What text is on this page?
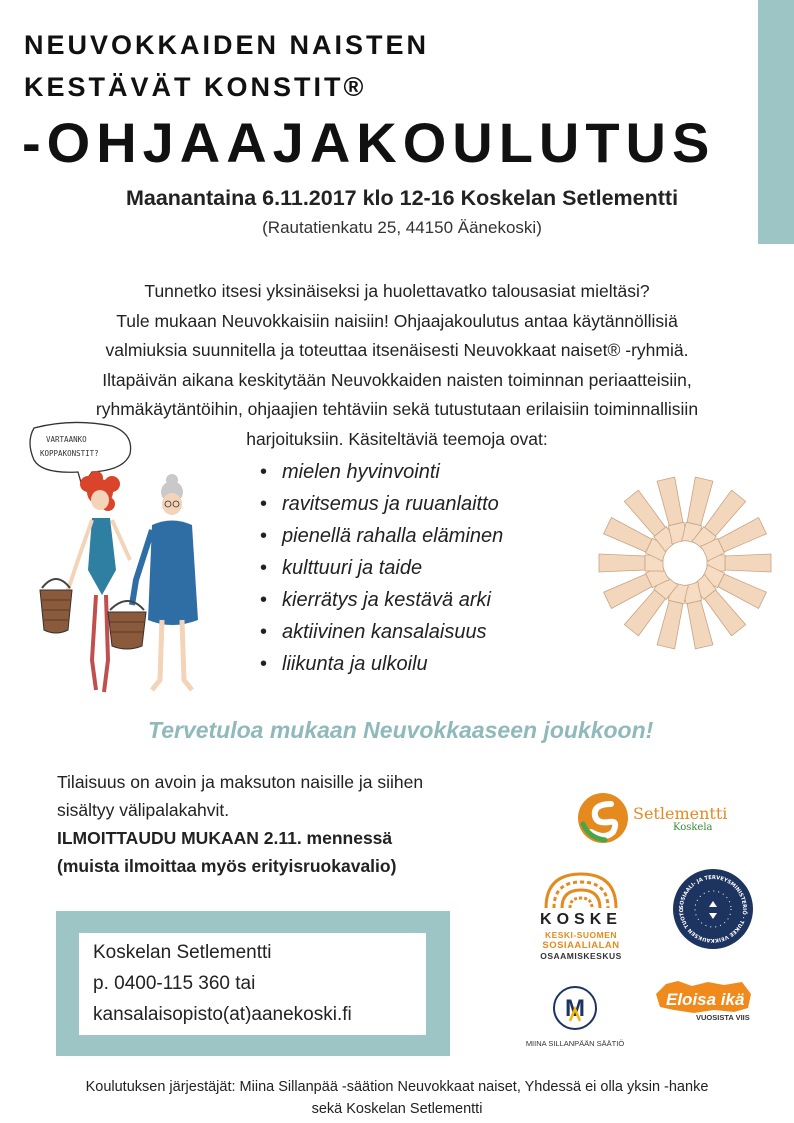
NEUVOKKAIDEN NAISTEN
KESTÄVÄT KONSTIT®
-OHJAAJAKOULUTUS
Maanantaina 6.11.2017 klo 12-16 Koskelan Setlementti
(Rautatienkatu 25, 44150 Äänekoski)

Tunnetko itsesi yksinäiseksi ja huolettavatko talousasiat mieltäsi?

Tule mukaan Neuvokkaisiin naisiin! Ohjaajakoulutus antaa käytännöllisiä

valmiuksia suunnitella ja toteuttaa itsenäisesti Neuvokkaat naiset® -ryhmiä.

Iltapäivän aikana keskitytään Neuvokkaiden naisten toiminnan periaatteisiin,

ryhmäkäytäntöihin, ohjaajien tehtäviin sekä tutustutaan erilaisiin toiminnallisiin

harjoituksiin. Käsiteltäviä teemoja ovat:

VARTAANKO
KOPPAKONSTIT?
• mielen hyvinvointi
• ravitsemus ja ruuanlaitto
• pienellä rahalla eläminen
• kulttuuri ja taide
• kierrätys ja kestävä arki
• aktiivinen kansalaisuus
• liikunta ja ulkoilu
Tervetuloa mukaan Neuvokkaaseen joukkoon!

Tilaisuus on avoin ja maksuton naisille ja siihen

sisältyy välipalakahvit.

ILMOITTAUDU MUKAAN 2.11. mennessä

(muista ilmoittaa myös erityisruokavalio)

Koskelan Setlementti
p. 0400-115 360 tai
kansalaisopisto(at)aanekoski.fi
Setlementti
Koskela
KOSKE
KESKI-SUOMEN
SOSIAALIALAN
OSAAMISKESKUS
SOSIAALI- JA TERVEYSMINISTERIÖ · TUKEE VEIKKAUKSEN TUOTO
M
MIINA SILLANPÄÄN SÄÄTIÖ
Eloisa ikä
VUOSISTA VIIS
Koulutuksen järjestäjät: Miina Sillanpää -säätion Neuvokkaat naiset, Yhdessä ei olla yksin -hanke
sekä Koskelan Setlementti
